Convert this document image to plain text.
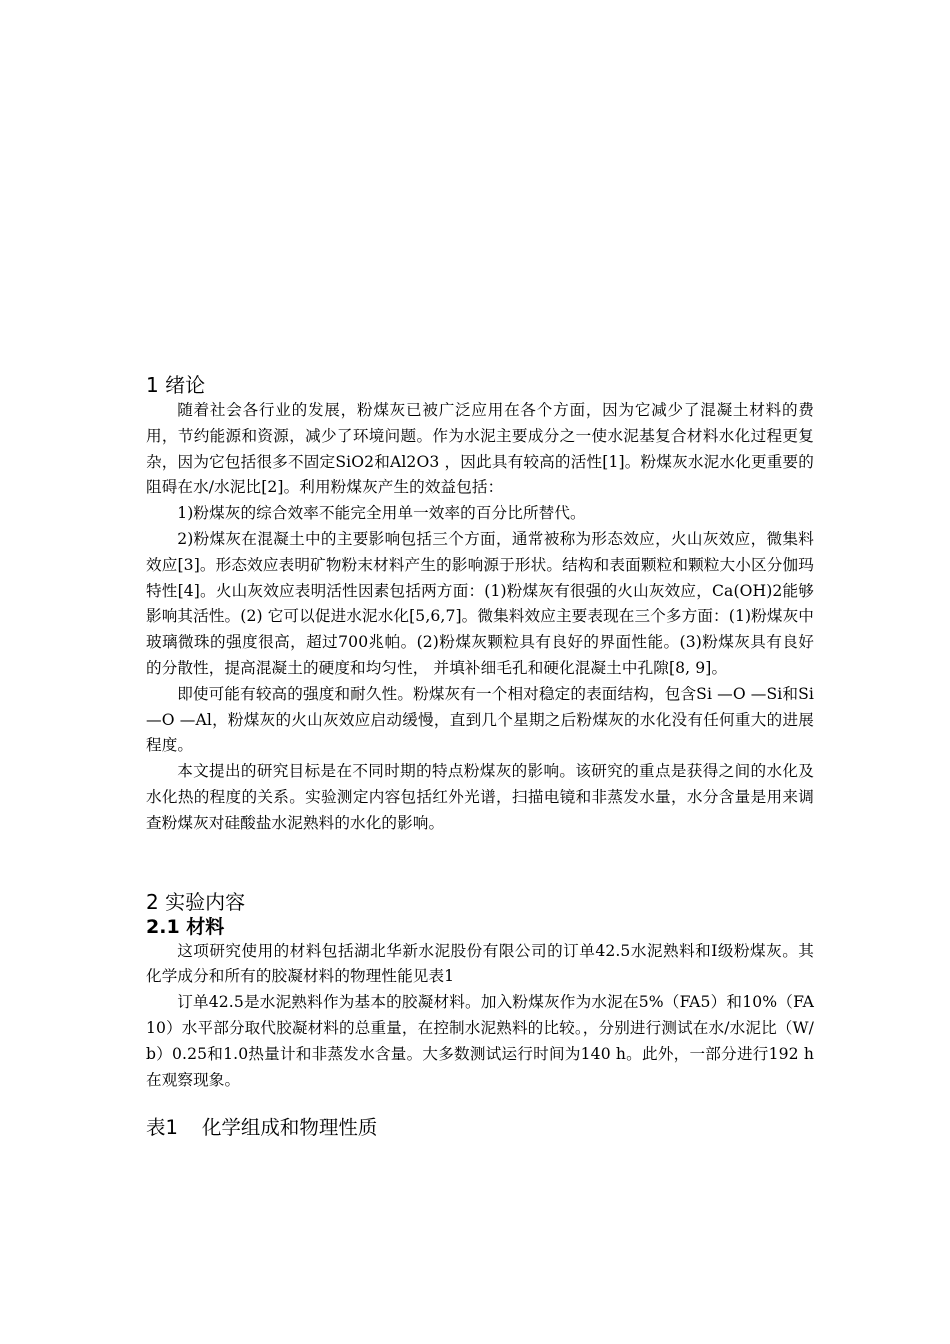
1 绪论

随着社会各行业的发展，粉煤灰已被广泛应用在各个方面，因为它减少了混凝土材料的费用，节约能源和资源，减少了环境问题。作为水泥主要成分之一使水泥基复合材料水化过程更复杂，因为它包括很多不固定SiO2和Al2O3 ，因此具有较高的活性[1]。粉煤灰水泥水化更重要的阻碍在水/水泥比[2]。利用粉煤灰产生的效益包括：

1)粉煤灰的综合效率不能完全用单一效率的百分比所替代。

2)粉煤灰在混凝土中的主要影响包括三个方面，通常被称为形态效应，火山灰效应，微集料效应[3]。形态效应表明矿物粉末材料产生的影响源于形状。结构和表面颗粒和颗粒大小区分伽玛特性[4]。火山灰效应表明活性因素包括两方面：(1)粉煤灰有很强的火山灰效应，Ca(OH)2能够影响其活性。(2) 它可以促进水泥水化[5,6,7]。微集料效应主要表现在三个多方面：(1)粉煤灰中玻璃微珠的强度很高，超过700兆帕。(2)粉煤灰颗粒具有良好的界面性能。(3)粉煤灰具有良好的分散性，提高混凝土的硬度和均匀性， 并填补细毛孔和硬化混凝土中孔隙[8, 9]。

即使可能有较高的强度和耐久性。粉煤灰有一个相对稳定的表面结构，包含Si —O —Si和Si —O —Al，粉煤灰的火山灰效应启动缓慢，直到几个星期之后粉煤灰的水化没有任何重大的进展程度。

本文提出的研究目标是在不同时期的特点粉煤灰的影响。该研究的重点是获得之间的水化及水化热的程度的关系。实验测定内容包括红外光谱，扫描电镜和非蒸发水量，水分含量是用来调查粉煤灰对硅酸盐水泥熟料的水化的影响。

2 实验内容
2.1 材料

这项研究使用的材料包括湖北华新水泥股份有限公司的订单42.5水泥熟料和Ⅰ级粉煤灰。其化学成分和所有的胶凝材料的物理性能见表1

订单42.5是水泥熟料作为基本的胶凝材料。加入粉煤灰作为水泥在5%（FA5）和10%（FA10）水平部分取代胶凝材料的总重量，在控制水泥熟料的比较。，分别进行测试在水/水泥比（W/ b）0.25和1.0热量计和非蒸发水含量。大多数测试运行时间为140 h。此外，一部分进行192 h在观察现象。

表1 化学组成和物理性质
